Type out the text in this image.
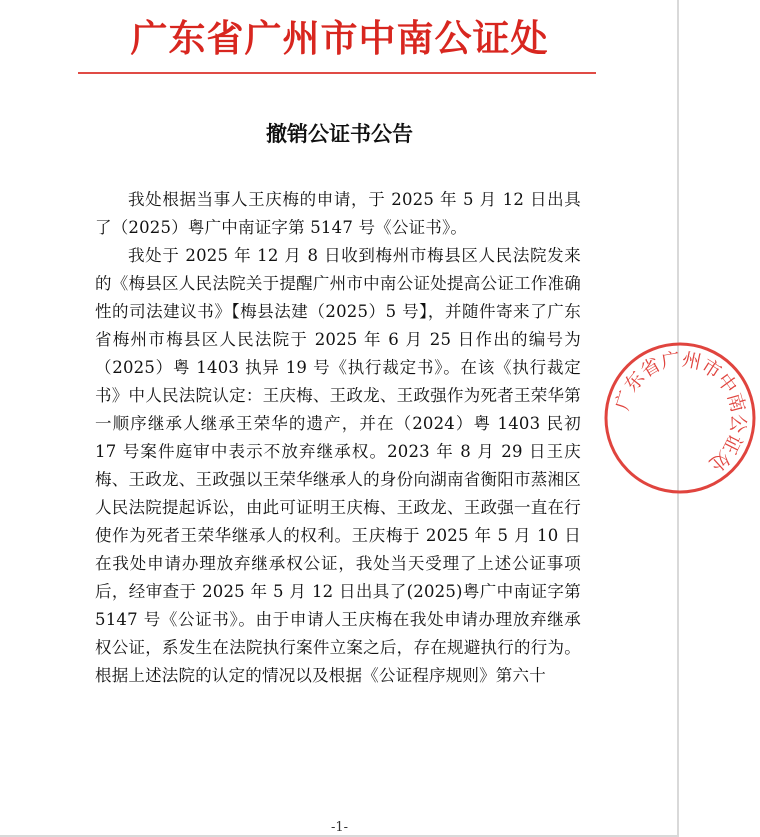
广东省广州市中南公证处
撤销公证书公告

我处根据当事人王庆梅的申请，于 2025 年 5 月 12 日出具了（2025）粤广中南证字第 5147 号《公证书》。

我处于 2025 年 12 月 8 日收到梅州市梅县区人民法院发来的《梅县区人民法院关于提醒广州市中南公证处提高公证工作准确性的司法建议书》【梅县法建（2025）5 号】，并随件寄来了广东省梅州市梅县区人民法院于 2025 年 6 月 25 日作出的编号为（2025）粤 1403 执异 19 号《执行裁定书》。在该《执行裁定书》中人民法院认定：王庆梅、王政龙、王政强作为死者王荣华第一顺序继承人继承王荣华的遗产，并在（2024）粤 1403 民初 17 号案件庭审中表示不放弃继承权。2023 年 8 月 29 日王庆梅、王政龙、王政强以王荣华继承人的身份向湖南省衡阳市蒸湘区人民法院提起诉讼，由此可证明王庆梅、王政龙、王政强一直在行使作为死者王荣华继承人的权利。王庆梅于 2025 年 5 月 10 日在我处申请办理放弃继承权公证，我处当天受理了上述公证事项后，经审查于 2025 年 5 月 12 日出具了(2025)粤广中南证字第 5147 号《公证书》。由于申请人王庆梅在我处申请办理放弃继承权公证，系发生在法院执行案件立案之后，存在规避执行的行为。根据上述法院的认定的情况以及根据《公证程序规则》第六十

广东省广州市中南公证处
-1-
